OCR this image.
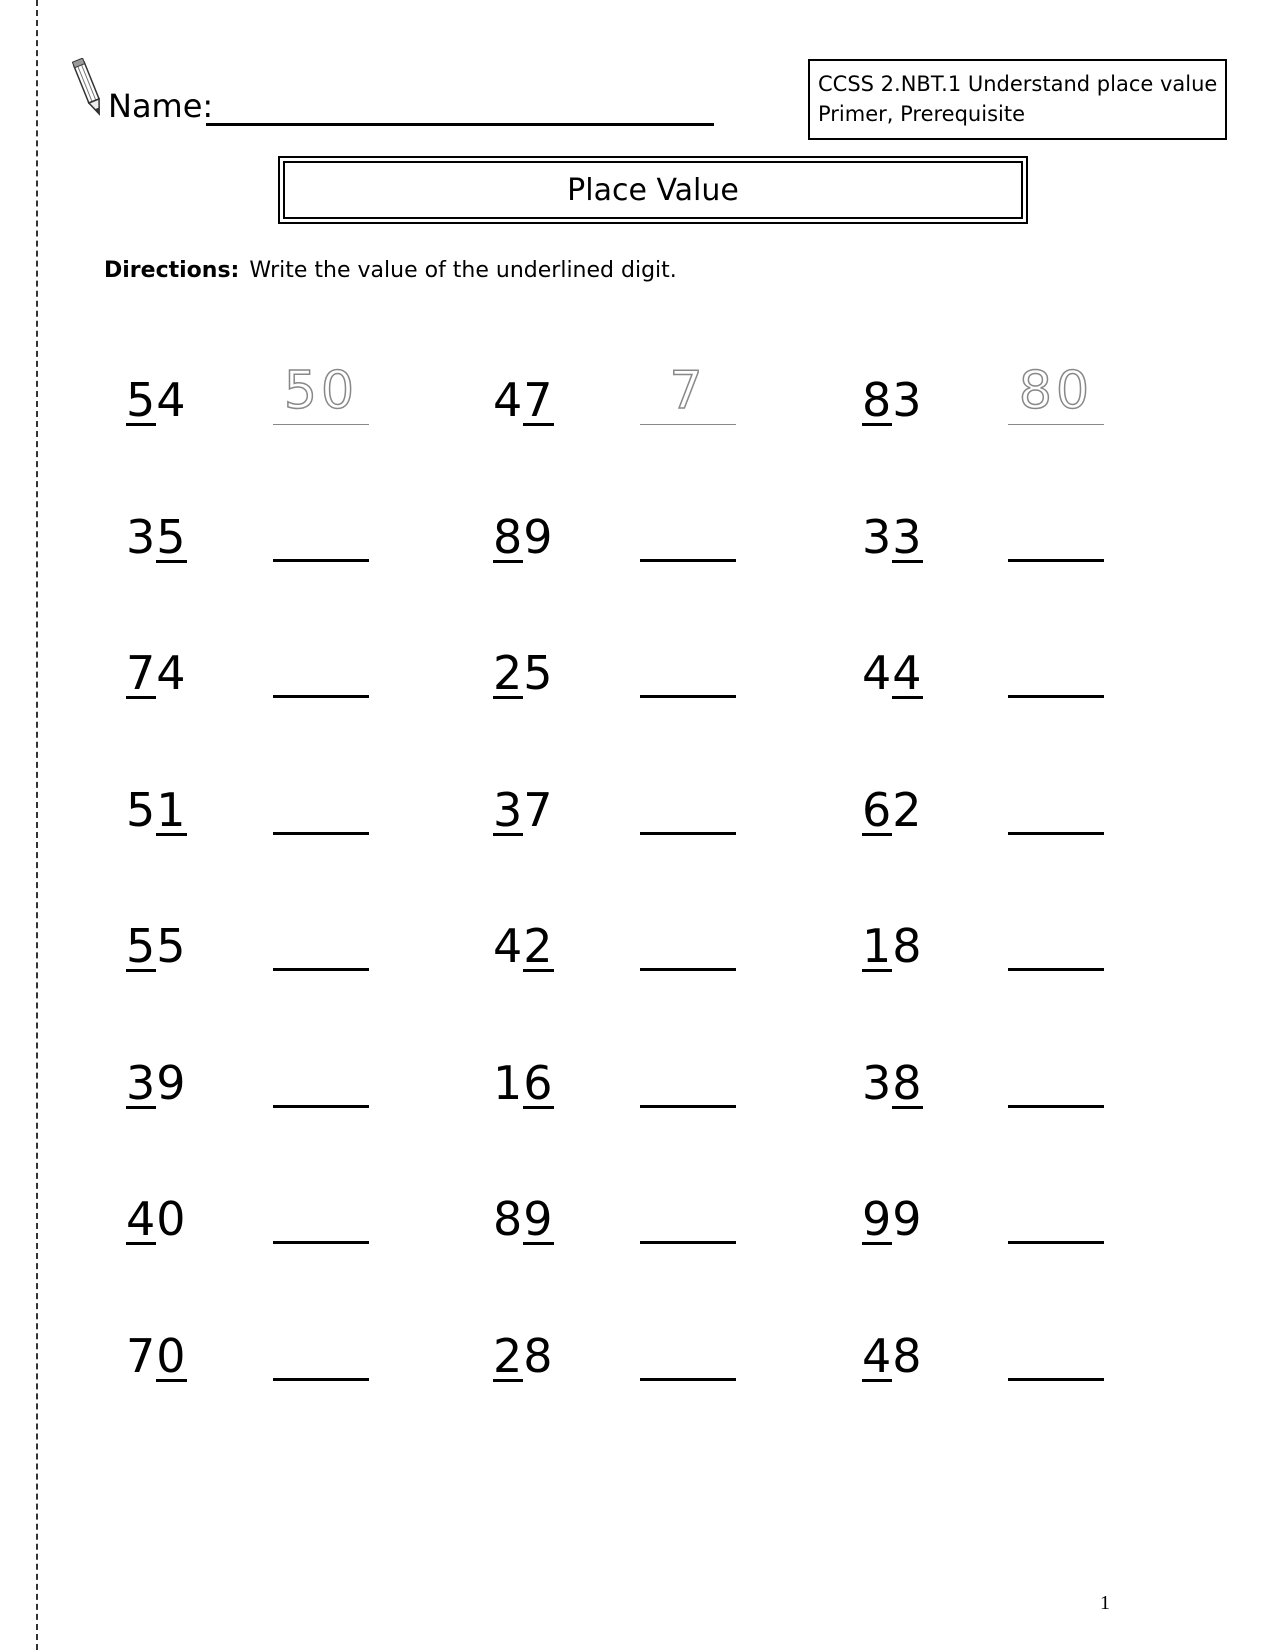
Name:
CCSS 2.NBT.1 Understand place value
Primer, Prerequisite
Place Value
Directions: Write the value of the underlined digit.
54 50	47	7	83 80
35	89	33
74	25	44
51	37	62
55	42	18
39	16	38
40	89	99
70	28	48
1
